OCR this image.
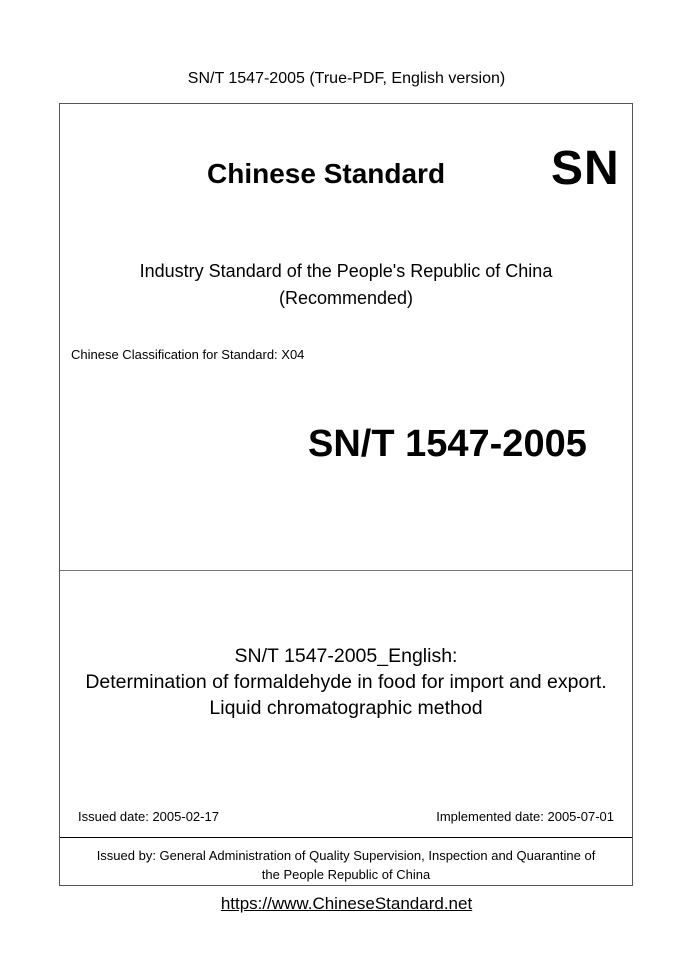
SN/T 1547-2005 (True-PDF, English version)
Chinese Standard SN
Industry Standard of the People's Republic of China
(Recommended)
Chinese Classification for Standard: X04
SN/T 1547-2005
SN/T 1547-2005_English:
Determination of formaldehyde in food for import and export.
Liquid chromatographic method
Issued date: 2005-02-17	Implemented date: 2005-07-01
Issued by: General Administration of Quality Supervision, Inspection and Quarantine of
the People Republic of China
https://www.ChineseStandard.net
